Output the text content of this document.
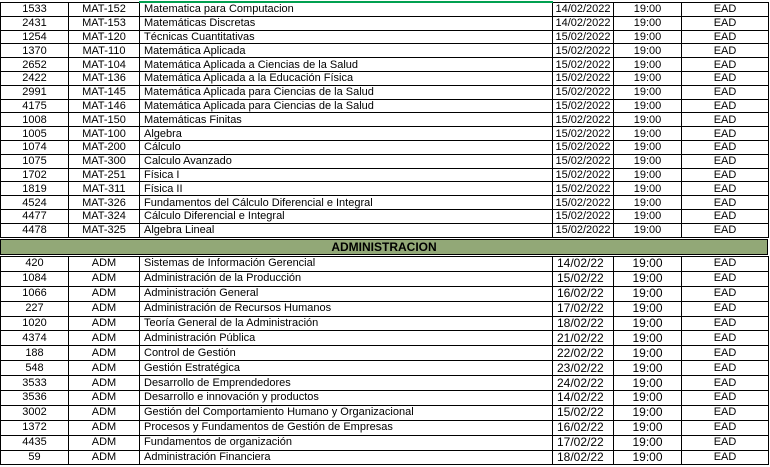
1533	MAT-152	Matematica para Computacion	14/02/2022	19:00	EAD
2431	MAT-153	Matemáticas Discretas	14/02/2022	19:00	EAD
1254	MAT-120	Técnicas Cuantitativas	15/02/2022	19:00	EAD
1370	MAT-110	Matemática Aplicada	15/02/2022	19:00	EAD
2652	MAT-104	Matemática Aplicada a Ciencias de la Salud	15/02/2022	19:00	EAD
2422	MAT-136	Matemática Aplicada a la Educación Física	15/02/2022	19:00	EAD
2991	MAT-145	Matemática Aplicada para Ciencias de la Salud	15/02/2022	19:00	EAD
4175	MAT-146	Matemática Aplicada para Ciencias de la Salud	15/02/2022	19:00	EAD
1008	MAT-150	Matemáticas Finitas	15/02/2022	19:00	EAD
1005	MAT-100	Algebra	15/02/2022	19:00	EAD
1074	MAT-200	Cálculo	15/02/2022	19:00	EAD
1075	MAT-300	Calculo Avanzado	15/02/2022	19:00	EAD
1702	MAT-251	Física I	15/02/2022	19:00	EAD
1819	MAT-311	Física II	15/02/2022	19:00	EAD
4524	MAT-326	Fundamentos del Cálculo Diferencial e Integral	15/02/2022	19:00	EAD
4477	MAT-324	Cálculo Diferencial e Integral	15/02/2022	19:00	EAD
4478	MAT-325	Algebra Lineal	15/02/2022	19:00	EAD
ADMINISTRACION
420	ADM	Sistemas de Información Gerencial	14/02/22	19:00	EAD
1084	ADM	Administración de la Producción	15/02/22	19:00	EAD
1066	ADM	Administración General	16/02/22	19:00	EAD
227	ADM	Administración de Recursos Humanos	17/02/22	19:00	EAD
1020	ADM	Teoría General de la Administración	18/02/22	19:00	EAD
4374	ADM	Administración Pública	21/02/22	19:00	EAD
188	ADM	Control de Gestión	22/02/22	19:00	EAD
548	ADM	Gestión Estratégica	23/02/22	19:00	EAD
3533	ADM	Desarrollo de Emprendedores	24/02/22	19:00	EAD
3536	ADM	Desarrollo e innovación y productos	14/02/22	19:00	EAD
3002	ADM	Gestión del Comportamiento Humano y Organizacional	15/02/22	19:00	EAD
1372	ADM	Procesos y Fundamentos de Gestión de Empresas	16/02/22	19:00	EAD
4435	ADM	Fundamentos de organización	17/02/22	19:00	EAD
59	ADM	Administración Financiera	18/02/22	19:00	EAD
